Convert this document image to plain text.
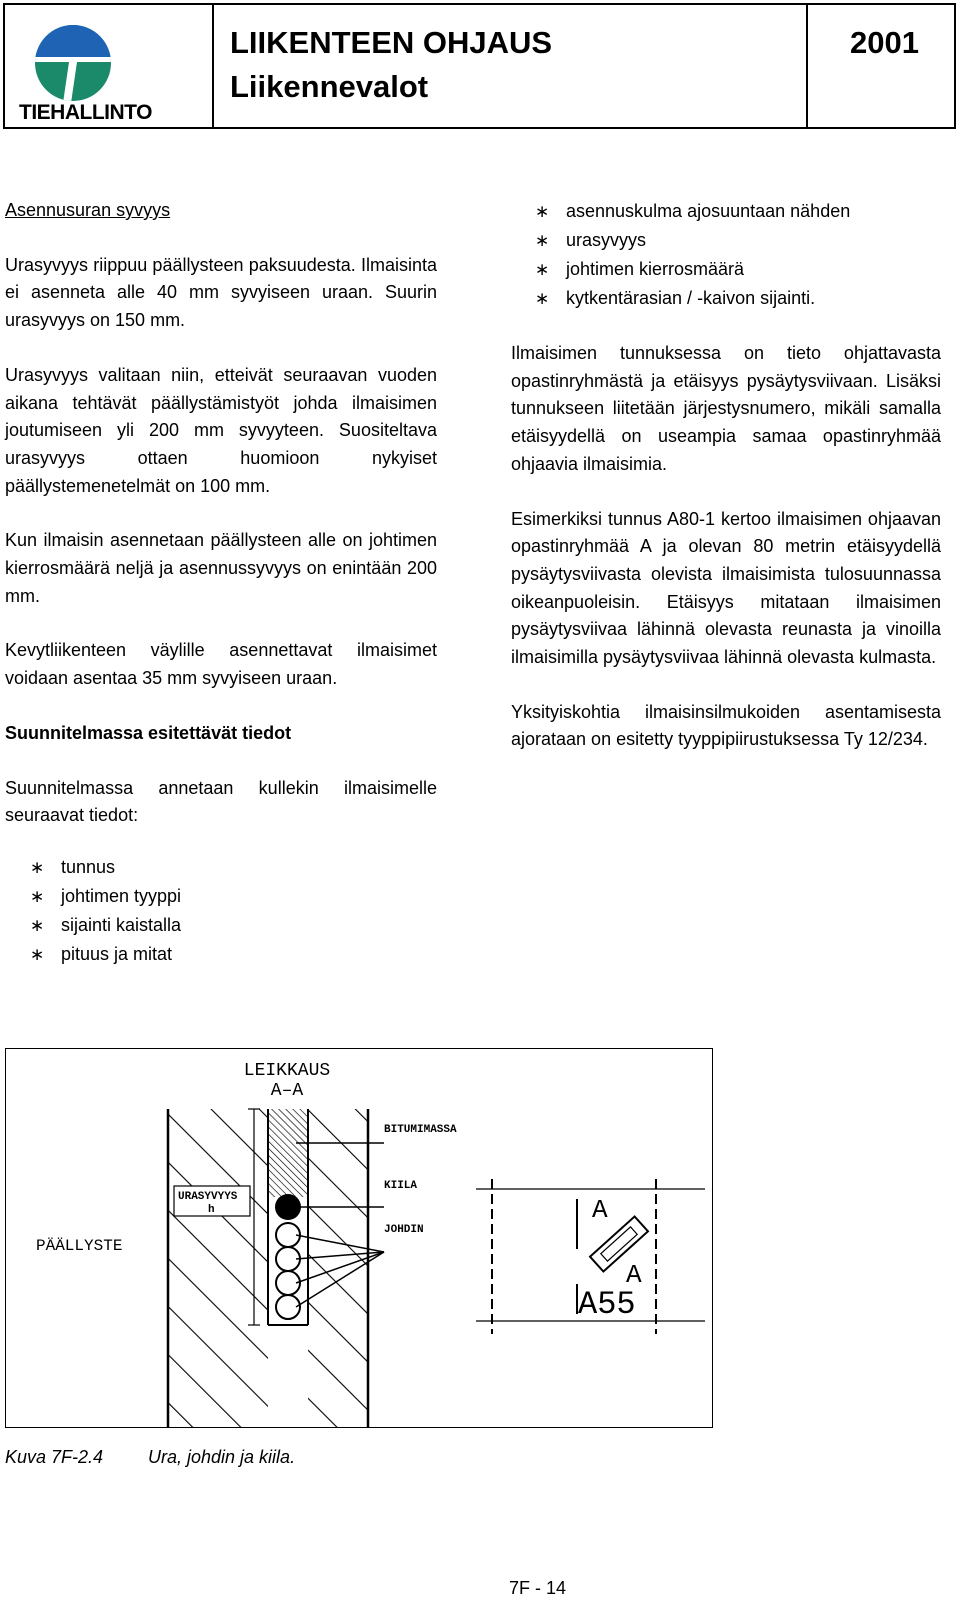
TIEHALLINTO
LIIKENTEEN OHJAUS
Liikennevalot
2001

Asennusuran syvyys

Urasyvyys riippuu päällysteen paksuudesta. Ilmaisinta ei asenneta alle 40 mm syvyiseen uraan. Suurin urasyvyys on 150 mm.

Urasyvyys valitaan niin, etteivät seuraavan vuoden aikana tehtävät päällystämistyöt johda ilmaisimen joutumiseen yli 200 mm syvyyteen. Suositeltava urasyvyys ottaen huomioon nykyiset päällystemenetelmät on 100 mm.

Kun ilmaisin asennetaan päällysteen alle on johtimen kierrosmäärä neljä ja asennussyvyys on enintään 200 mm.

Kevytliikenteen väylille asennettavat ilmaisimet voidaan asentaa 35 mm syvyiseen uraan.

Suunnitelmassa esitettävät tiedot

Suunnitelmassa annetaan kullekin ilmaisimelle seuraavat tiedot:

∗ tunnus
∗ johtimen tyyppi
∗ sijainti kaistalla
∗ pituus ja mitat
∗ asennuskulma ajosuuntaan nähden
∗ urasyvyys
∗ johtimen kierrosmäärä
∗ kytkentärasian / -kaivon sijainti.

Ilmaisimen tunnuksessa on tieto ohjattavasta opastinryhmästä ja etäisyys pysäytysviivaan. Lisäksi tunnukseen liitetään järjestysnumero, mikäli samalla etäisyydellä on useampia samaa opastinryhmää ohjaavia ilmaisimia.

Esimerkiksi tunnus A80-1 kertoo ilmaisimen ohjaavan opastinryhmää A ja olevan 80 metrin etäisyydellä pysäytysviivasta olevista ilmaisimista tulosuunnassa oikeanpuoleisin. Etäisyys mitataan ilmaisimen pysäytysviivaa lähinnä olevasta reunasta ja vinoilla ilmaisimilla pysäytysviivaa lähinnä olevasta kulmasta.

Yksityiskohtia ilmaisinsilmukoiden asentamisesta ajorataan on esitetty tyyppipiirustuksessa Ty 12/234.

LEIKKAUS
A–A
PÄÄLLYSTE
URASYVYYS
h
BITUMIMASSA
KIILA
JOHDIN
A
A
A55
Kuva 7F-2.4 Ura, johdin ja kiila.
7F - 14
